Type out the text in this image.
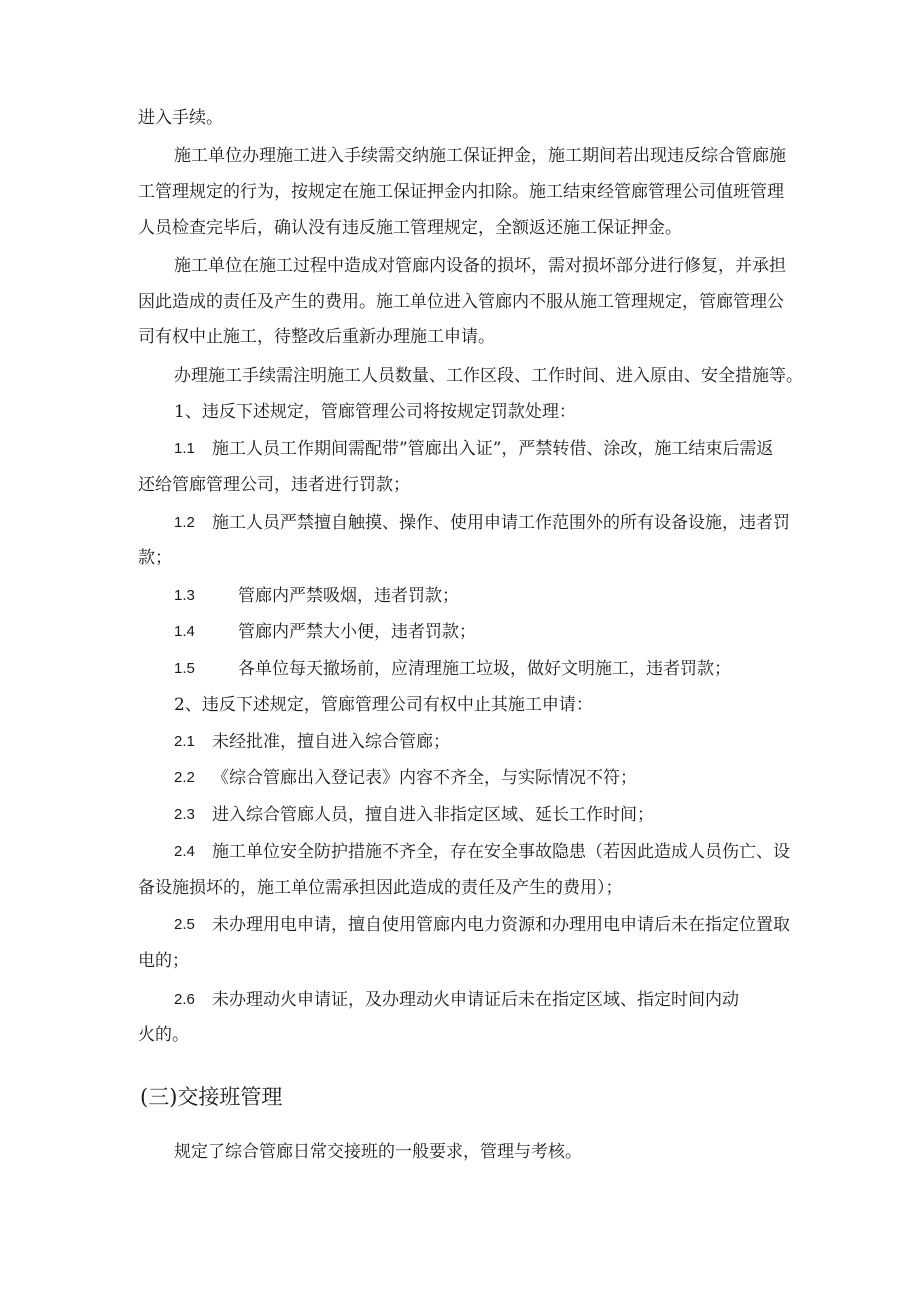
进入手续。
施工单位办理施工进入手续需交纳施工保证押金，施工期间若出现违反综合管廊施
工管理规定的行为，按规定在施工保证押金内扣除。施工结束经管廊管理公司值班管理
人员检查完毕后，确认没有违反施工管理规定，全额返还施工保证押金。
施工单位在施工过程中造成对管廊内设备的损坏，需对损坏部分进行修复，并承担
因此造成的责任及产生的费用。施工单位进入管廊内不服从施工管理规定，管廊管理公
司有权中止施工，待整改后重新办理施工申请。
办理施工手续需注明施工人员数量、工作区段、工作时间、进入原由、安全措施等。
1、违反下述规定，管廊管理公司将按规定罚款处理：
1.1 施工人员工作期间需配带”管廊出入证”，严禁转借、涂改，施工结束后需返
还给管廊管理公司，违者进行罚款；
1.2 施工人员严禁擅自触摸、操作、使用申请工作范围外的所有设备设施，违者罚
款；
1.3	管廊内严禁吸烟，违者罚款；
1.4	管廊内严禁大小便，违者罚款；
1.5	各单位每天撤场前，应清理施工垃圾，做好文明施工，违者罚款；
2、违反下述规定，管廊管理公司有权中止其施工申请：
2.1 未经批准，擅自进入综合管廊；
2.2 《综合管廊出入登记表》内容不齐全，与实际情况不符；
2.3 进入综合管廊人员，擅自进入非指定区域、延长工作时间；
2.4 施工单位安全防护措施不齐全，存在安全事故隐患（若因此造成人员伤亡、设
备设施损坏的，施工单位需承担因此造成的责任及产生的费用）；
2.5 未办理用电申请，擅自使用管廊内电力资源和办理用电申请后未在指定位置取
电的；
2.6 未办理动火申请证，及办理动火申请证后未在指定区域、指定时间内动
火的。
(三)交接班管理
规定了综合管廊日常交接班的一般要求，管理与考核。
